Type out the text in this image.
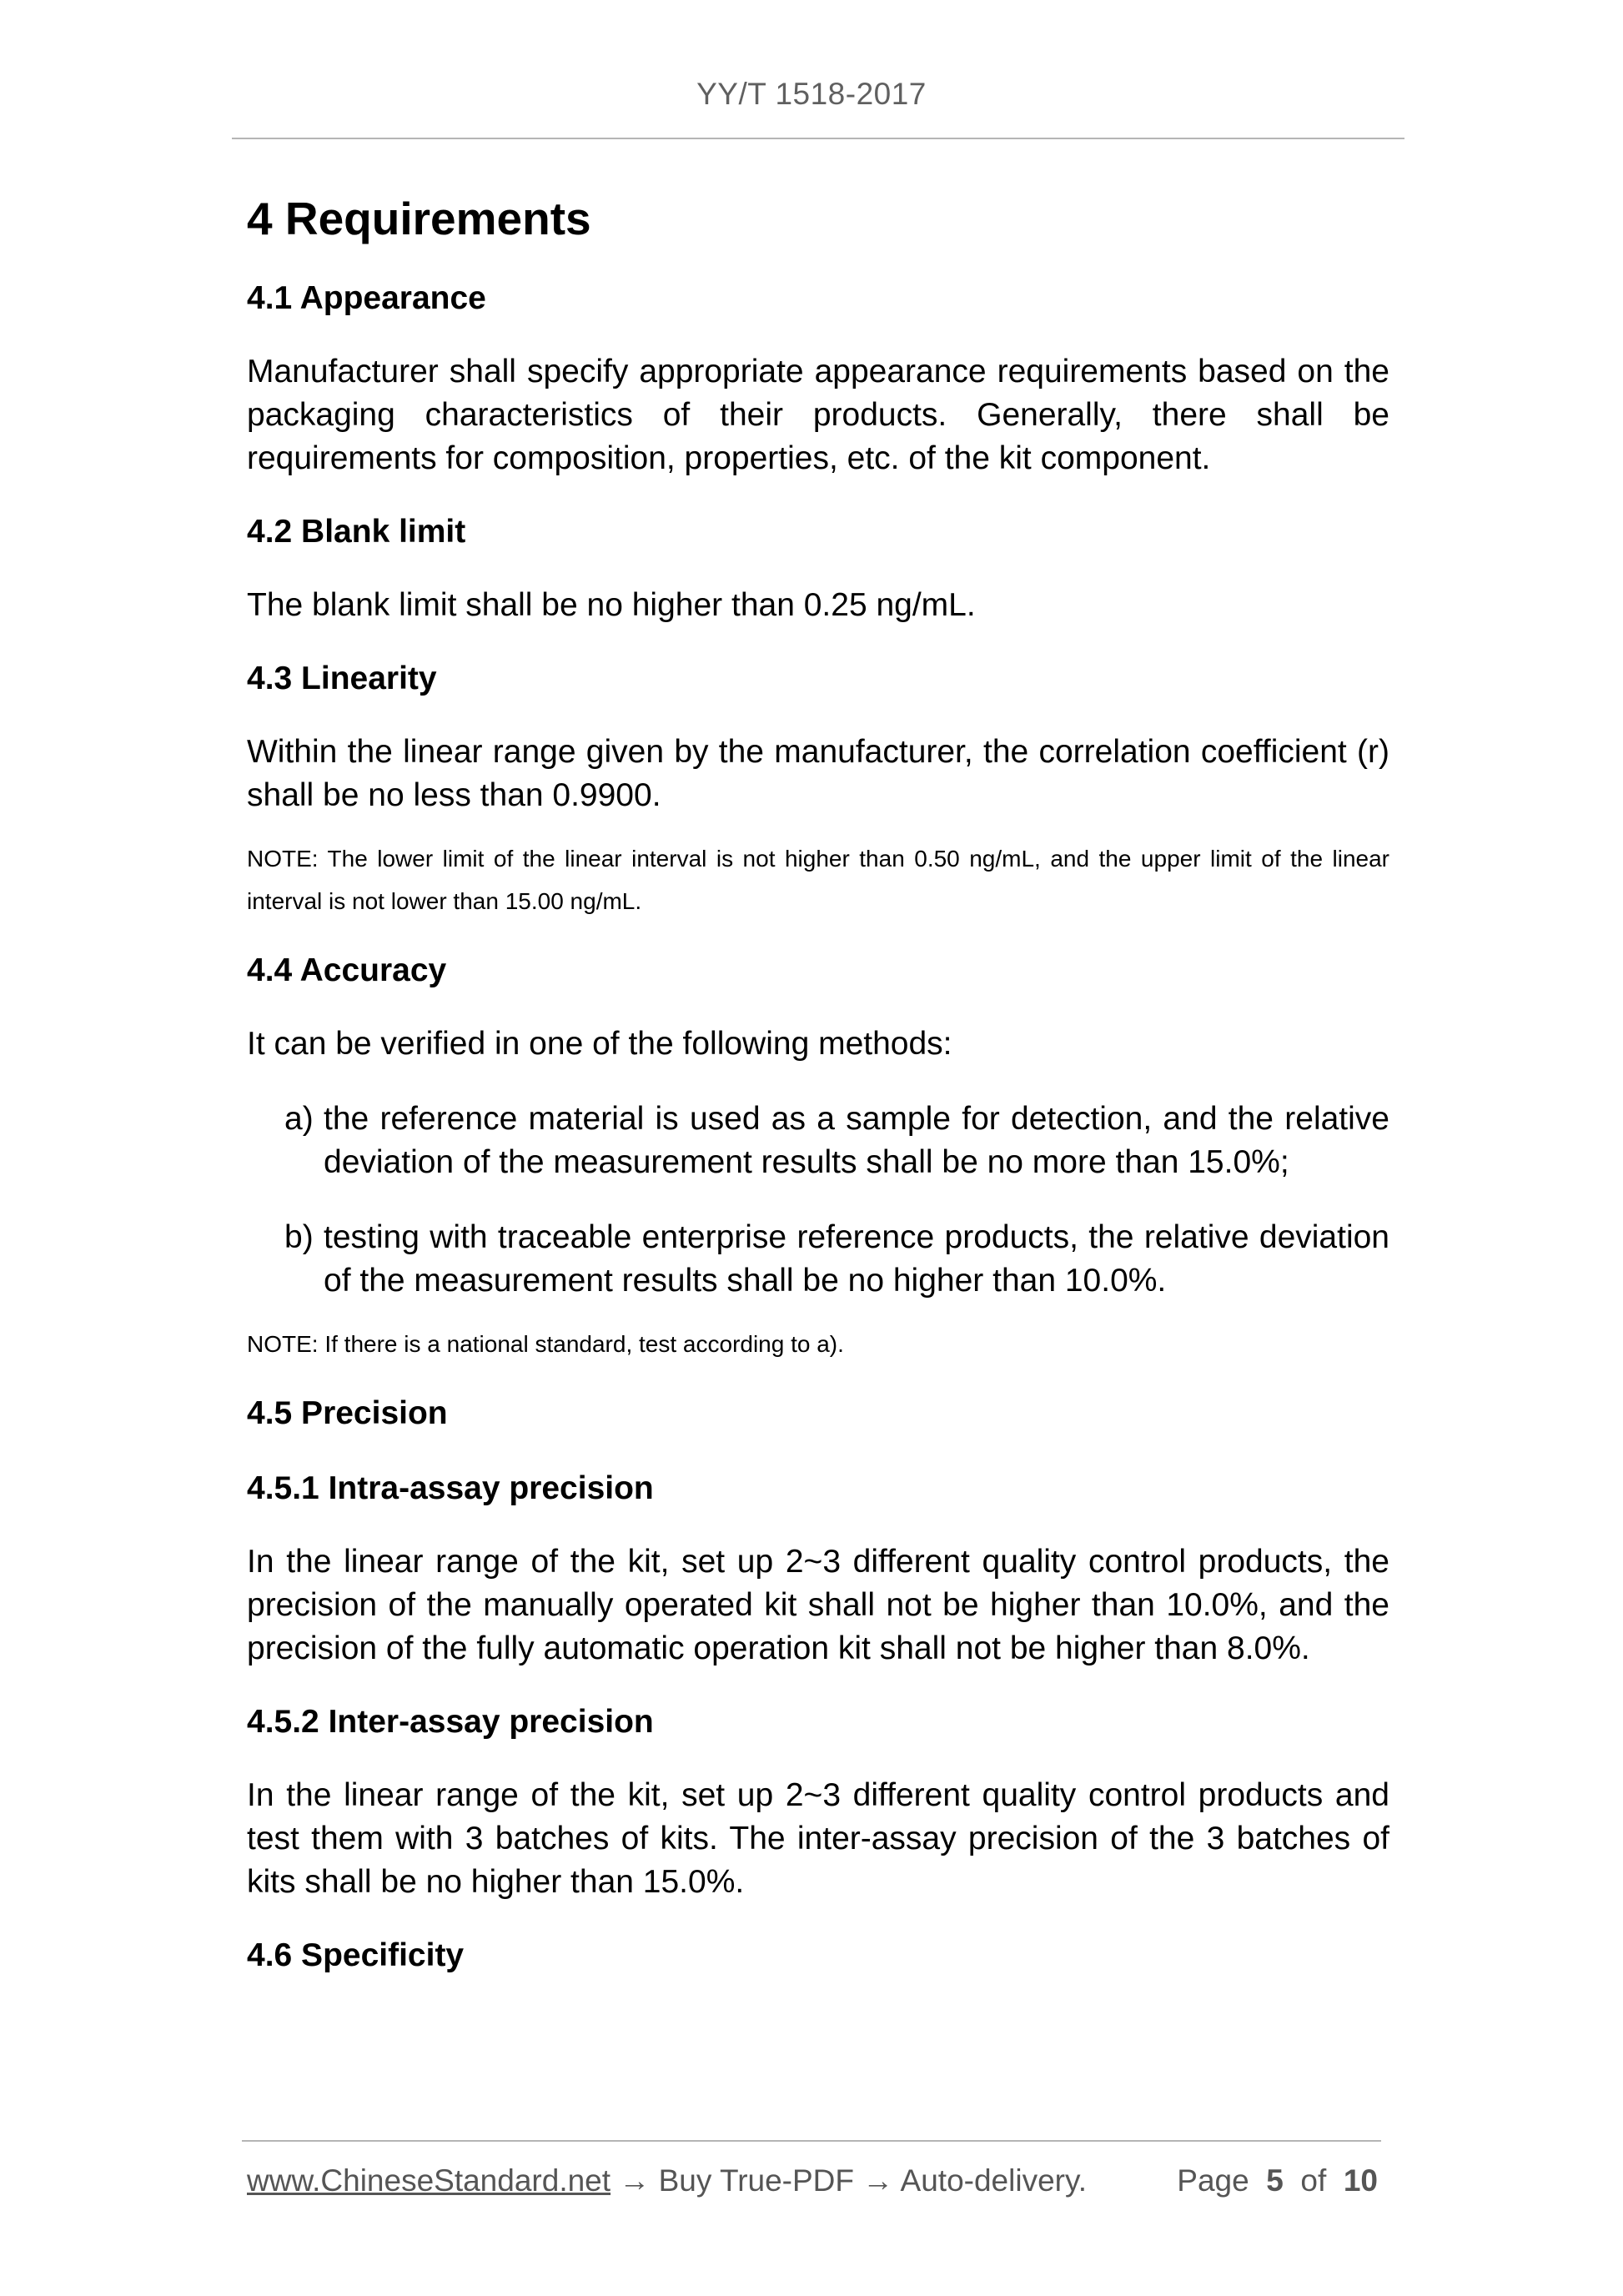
YY/T 1518-2017
4 Requirements
4.1 Appearance

Manufacturer shall specify appropriate appearance requirements based on the packaging characteristics of their products. Generally, there shall be requirements for composition, properties, etc. of the kit component.

4.2 Blank limit

The blank limit shall be no higher than 0.25 ng/mL.

4.3 Linearity

Within the linear range given by the manufacturer, the correlation coefficient (r) shall be no less than 0.9900.

NOTE: The lower limit of the linear interval is not higher than 0.50 ng/mL, and the upper limit of the linear interval is not lower than 15.00 ng/mL.

4.4 Accuracy

It can be verified in one of the following methods:

a) the reference material is used as a sample for detection, and the relative deviation of the measurement results shall be no more than 15.0%;
b) testing with traceable enterprise reference products, the relative deviation of the measurement results shall be no higher than 10.0%.

NOTE: If there is a national standard, test according to a).

4.5 Precision
4.5.1 Intra-assay precision

In the linear range of the kit, set up 2~3 different quality control products, the precision of the manually operated kit shall not be higher than 10.0%, and the precision of the fully automatic operation kit shall not be higher than 8.0%.

4.5.2 Inter-assay precision

In the linear range of the kit, set up 2~3 different quality control products and test them with 3 batches of kits. The inter-assay precision of the 3 batches of kits shall be no higher than 15.0%.

4.6 Specificity
www.ChineseStandard.net → Buy True-PDF → Auto-delivery.	Page 5 of 10
